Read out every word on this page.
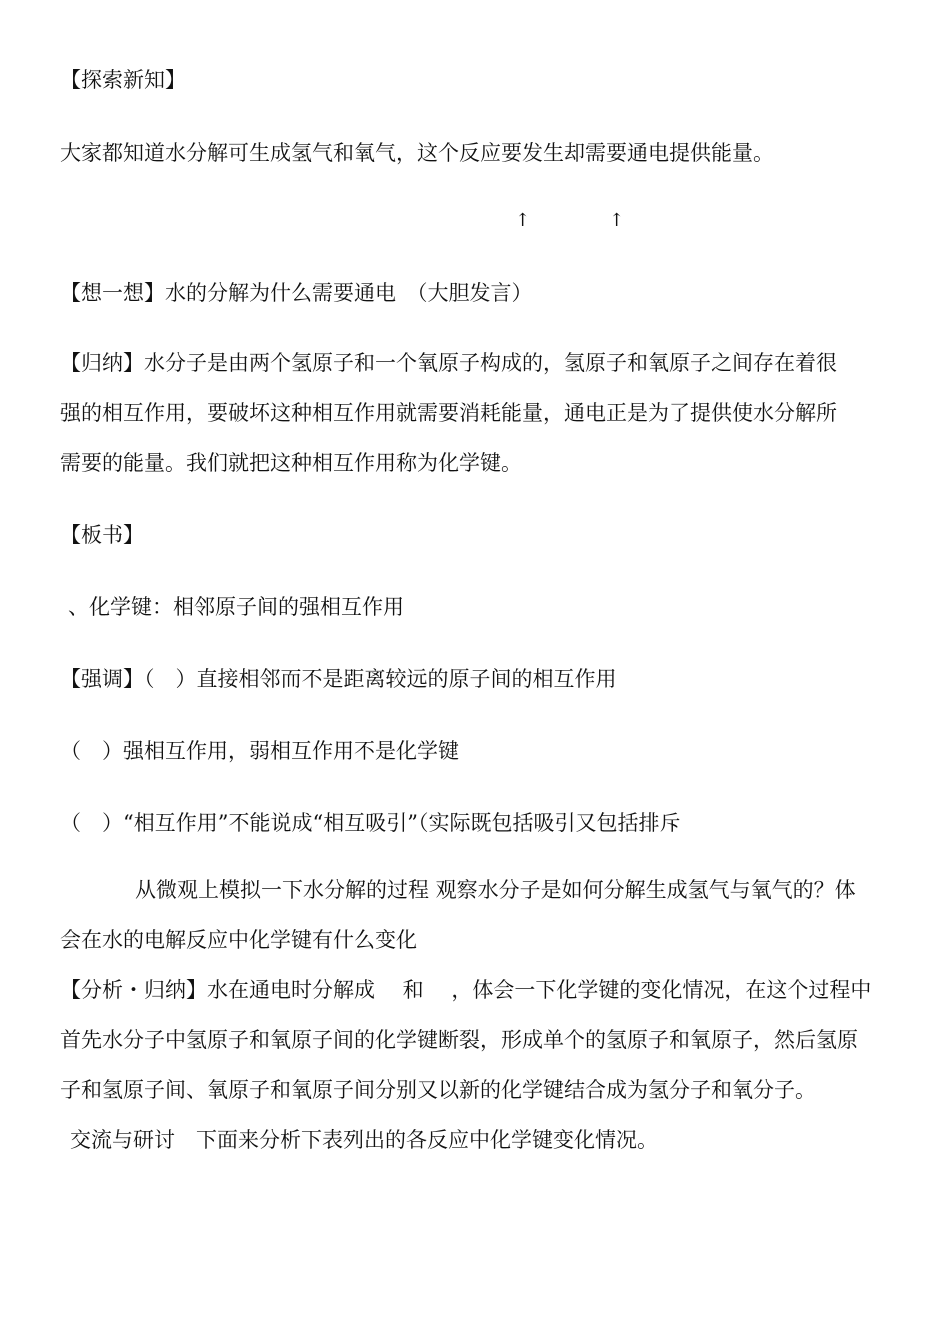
【探索新知】
大家都知道水分解可生成氢气和氧气，这个反应要发生却需要通电提供能量。
↑	↑
【想一想】水的分解为什么需要通电　（大胆发言）
【归纳】水分子是由两个氢原子和一个氧原子构成的，氢原子和氧原子之间存在着很
强的相互作用，要破坏这种相互作用就需要消耗能量，通电正是为了提供使水分解所
需要的能量。我们就把这种相互作用称为化学键。
【板书】
、化学键：相邻原子间的强相互作用
【强调】（　）直接相邻而不是距离较远的原子间的相互作用
（　）强相互作用，弱相互作用不是化学键
（　）“相互作用”不能说成“相互吸引”（实际既包括吸引又包括排斥
从微观上模拟一下水分解的过程 观察水分子是如何分解生成氢气与氧气的？体
会在水的电解反应中化学键有什么变化
【分析・归纳】水在通电时分解成　 和　 ，体会一下化学键的变化情况，在这个过程中
首先水分子中氢原子和氧原子间的化学键断裂，形成单个的氢原子和氧原子，然后氢原
子和氢原子间、氧原子和氧原子间分别又以新的化学键结合成为氢分子和氧分子。
交流与研讨　下面来分析下表列出的各反应中化学键变化情况。
